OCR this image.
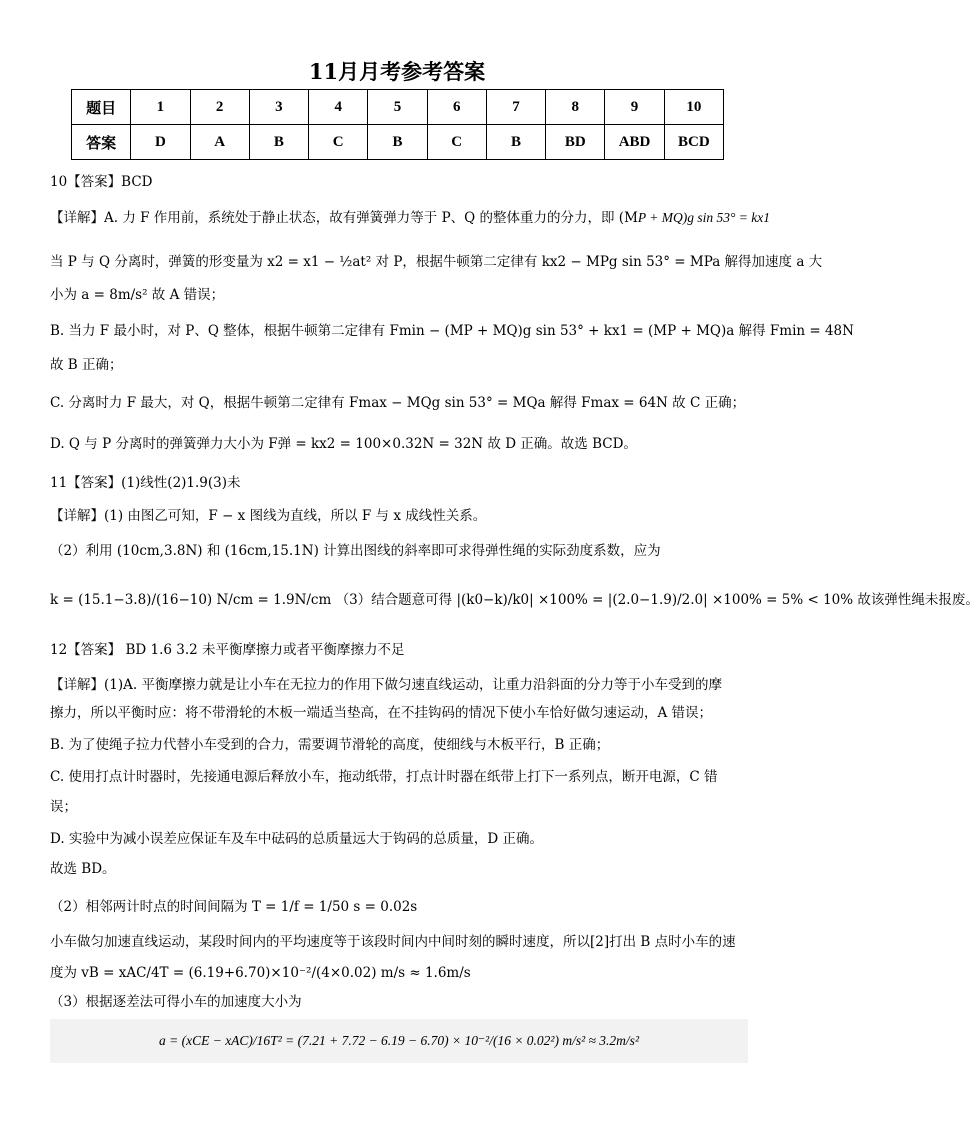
11月月考参考答案
题目	1	2	3	4	5	6	7	8	9	10
答案	D	A	B	C	B	C	B	BD	ABD	BCD
10【答案】BCD
【详解】A. 力 F 作用前，系统处于静止状态，故有弹簧弹力等于 P、Q 的整体重力的分力，即 (MP + MQ)g sin 53° = kx1
当 P 与 Q 分离时，弹簧的形变量为 x2 = x1 − ½at² 对 P，根据牛顿第二定律有 kx2 − MPg sin 53° = MPa 解得加速度 a 大
小为 a = 8m/s² 故 A 错误；
B. 当力 F 最小时，对 P、Q 整体，根据牛顿第二定律有 Fmin − (MP + MQ)g sin 53° + kx1 = (MP + MQ)a 解得 Fmin = 48N
故 B 正确；
C. 分离时力 F 最大，对 Q，根据牛顿第二定律有 Fmax − MQg sin 53° = MQa 解得 Fmax = 64N 故 C 正确；
D. Q 与 P 分离时的弹簧弹力大小为 F弹 = kx2 = 100×0.32N = 32N 故 D 正确。故选 BCD。
11【答案】(1)线性(2)1.9(3)未
【详解】(1) 由图乙可知，F − x 图线为直线，所以 F 与 x 成线性关系。
（2）利用 (10cm,3.8N) 和 (16cm,15.1N) 计算出图线的斜率即可求得弹性绳的实际劲度系数，应为
k = (15.1−3.8)/(16−10) N/cm = 1.9N/cm （3）结合题意可得 |(k0−k)/k0| ×100% = |(2.0−1.9)/2.0| ×100% = 5% < 10% 故该弹性绳未报废。
12【答案】 BD 1.6 3.2 未平衡摩擦力或者平衡摩擦力不足
【详解】(1)A. 平衡摩擦力就是让小车在无拉力的作用下做匀速直线运动，让重力沿斜面的分力等于小车受到的摩
擦力，所以平衡时应：将不带滑轮的木板一端适当垫高，在不挂钩码的情况下使小车恰好做匀速运动，A 错误；
B. 为了使绳子拉力代替小车受到的合力，需要调节滑轮的高度，使细线与木板平行，B 正确；
C. 使用打点计时器时，先接通电源后释放小车，拖动纸带，打点计时器在纸带上打下一系列点，断开电源，C 错
误；
D. 实验中为减小误差应保证车及车中砝码的总质量远大于钩码的总质量，D 正确。
故选 BD。
（2）相邻两计时点的时间间隔为 T = 1/f = 1/50 s = 0.02s
小车做匀加速直线运动，某段时间内的平均速度等于该段时间内中间时刻的瞬时速度，所以[2]打出 B 点时小车的速
度为 vB = xAC/4T = (6.19+6.70)×10⁻²/(4×0.02) m/s ≈ 1.6m/s
（3）根据逐差法可得小车的加速度大小为
a = (xCE − xAC)/16T² = (7.21 + 7.72 − 6.19 − 6.70) × 10⁻²/(16 × 0.02²) m/s² ≈ 3.2m/s²
